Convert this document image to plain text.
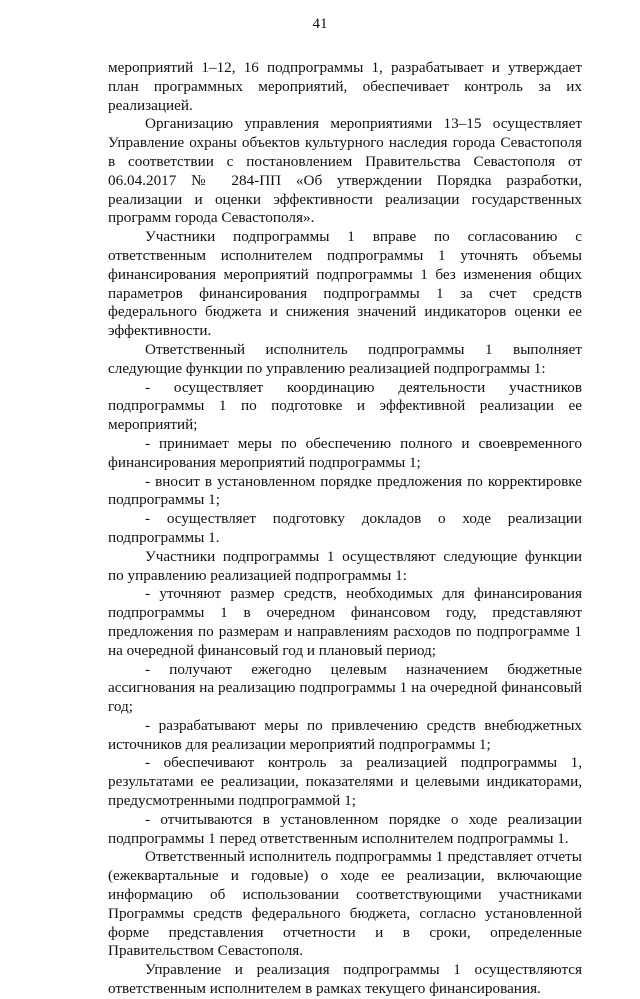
41

мероприятий 1–12, 16 подпрограммы 1, разрабатывает и утверждает план программных мероприятий, обеспечивает контроль за их реализацией.

Организацию управления мероприятиями 13–15 осуществляет Управление охраны объектов культурного наследия города Севастополя в соответствии с постановлением Правительства Севастополя от 06.04.2017 № 284-ПП «Об утверждении Порядка разработки, реализации и оценки эффективности реализации государственных программ города Севастополя».

Участники подпрограммы 1 вправе по согласованию с ответственным исполнителем подпрограммы 1 уточнять объемы финансирования мероприятий подпрограммы 1 без изменения общих параметров финансирования подпрограммы 1 за счет средств федерального бюджета и снижения значений индикаторов оценки ее эффективности.

Ответственный исполнитель подпрограммы 1 выполняет следующие функции по управлению реализацией подпрограммы 1:

- осуществляет координацию деятельности участников подпрограммы 1 по подготовке и эффективной реализации ее мероприятий;

- принимает меры по обеспечению полного и своевременного финансирования мероприятий подпрограммы 1;

- вносит в установленном порядке предложения по корректировке подпрограммы 1;

- осуществляет подготовку докладов о ходе реализации подпрограммы 1.

Участники подпрограммы 1 осуществляют следующие функции по управлению реализацией подпрограммы 1:

- уточняют размер средств, необходимых для финансирования подпрограммы 1 в очередном финансовом году, представляют предложения по размерам и направлениям расходов по подпрограмме 1 на очередной финансовый год и плановый период;

- получают ежегодно целевым назначением бюджетные ассигнования на реализацию подпрограммы 1 на очередной финансовый год;

- разрабатывают меры по привлечению средств внебюджетных источников для реализации мероприятий подпрограммы 1;

- обеспечивают контроль за реализацией подпрограммы 1, результатами ее реализации, показателями и целевыми индикаторами, предусмотренными подпрограммой 1;

- отчитываются в установленном порядке о ходе реализации подпрограммы 1 перед ответственным исполнителем подпрограммы 1.

Ответственный исполнитель подпрограммы 1 представляет отчеты (ежеквартальные и годовые) о ходе ее реализации, включающие информацию об использовании соответствующими участниками Программы средств федерального бюджета, согласно установленной форме представления отчетности и в сроки, определенные Правительством Севастополя.

Управление и реализация подпрограммы 1 осуществляются ответственным исполнителем в рамках текущего финансирования.
